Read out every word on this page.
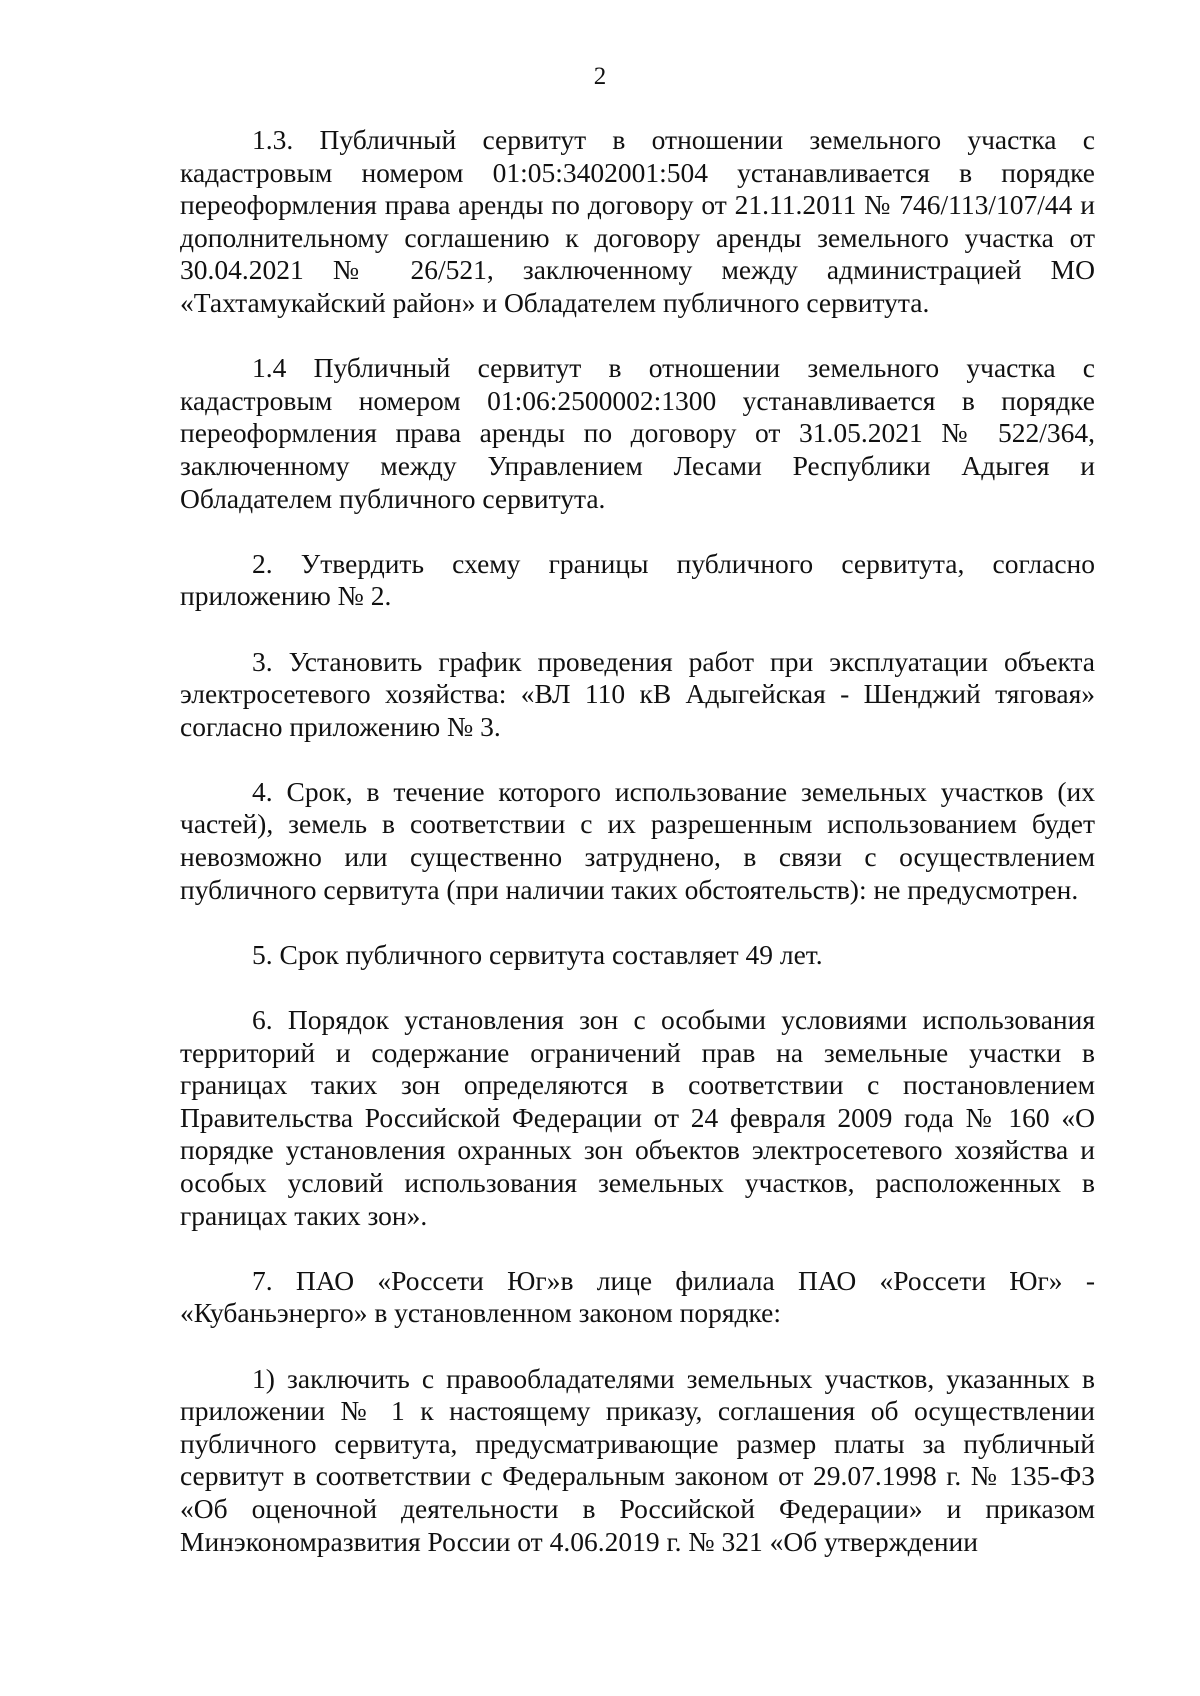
2

1.3. Публичный сервитут в отношении земельного участка с кадастровым номером 01:05:3402001:504 устанавливается в порядке переоформления права аренды по договору от 21.11.2011 № 746/113/107/44 и дополнительному соглашению к договору аренды земельного участка от 30.04.2021 № 26/521, заключенному между администрацией МО «Тахтамукайский район» и Обладателем публичного сервитута.

1.4 Публичный сервитут в отношении земельного участка с кадастровым номером 01:06:2500002:1300 устанавливается в порядке переоформления права аренды по договору от 31.05.2021 № 522/364, заключенному между Управлением Лесами Республики Адыгея и Обладателем публичного сервитута.

2. Утвердить схему границы публичного сервитута, согласно приложению № 2.

3. Установить график проведения работ при эксплуатации объекта электросетевого хозяйства: «ВЛ 110 кВ Адыгейская - Шенджий тяговая» согласно приложению № 3.

4. Срок, в течение которого использование земельных участков (их частей), земель в соответствии с их разрешенным использованием будет невозможно или существенно затруднено, в связи с осуществлением публичного сервитута (при наличии таких обстоятельств): не предусмотрен.

5. Срок публичного сервитута составляет 49 лет.

6. Порядок установления зон с особыми условиями использования территорий и содержание ограничений прав на земельные участки в границах таких зон определяются в соответствии с постановлением Правительства Российской Федерации от 24 февраля 2009 года № 160 «О порядке установления охранных зон объектов электросетевого хозяйства и особых условий использования земельных участков, расположенных в границах таких зон».

7. ПАО «Россети Юг»в лице филиала ПАО «Россети Юг» - «Кубаньэнерго» в установленном законом порядке:

1) заключить с правообладателями земельных участков, указанных в приложении № 1 к настоящему приказу, соглашения об осуществлении публичного сервитута, предусматривающие размер платы за публичный сервитут в соответствии с Федеральным законом от 29.07.1998 г. № 135-ФЗ «Об оценочной деятельности в Российской Федерации» и приказом Минэкономразвития России от 4.06.2019 г. № 321 «Об утверждении
